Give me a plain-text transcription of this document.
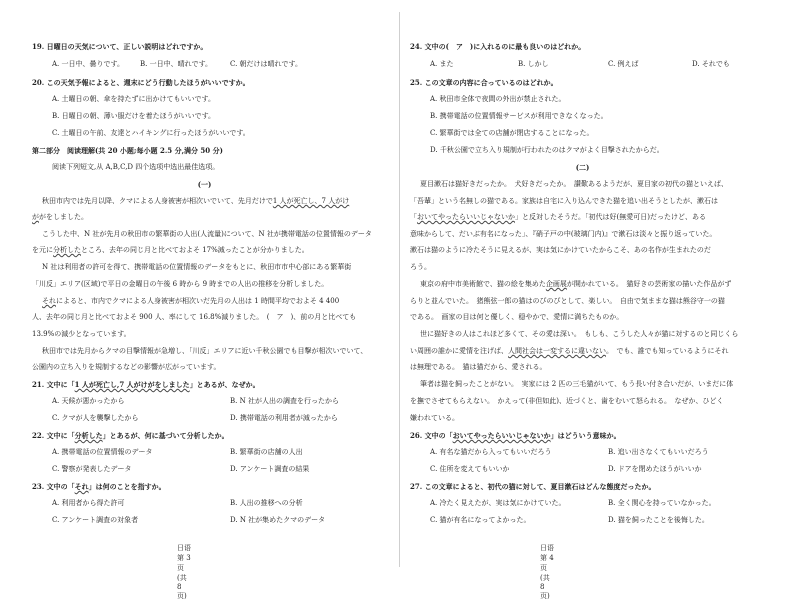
19. 日曜日の天気について、正しい説明はどれですか。
A. 一日中、曇りです。 B. 一日中、晴れです。	C. 朝だけは晴れです。
20. この天気予報によると、週末にどう行動したほうがいいですか。
A. 土曜日の朝、傘を持たずに出かけてもいいです。
B. 日曜日の朝、薄い服だけを着たほうがいいです。
C. 土曜日の午前、友達とハイキングに行ったほうがいいです。
第二部分　阅读理解(共 20 小题;每小题 2.5 分,满分 50 分)
阅读下列短文,从 A,B,C,D 四个选项中选出最佳选项。
(一)
秋田市内では先月以降、クマによる人身被害が相次いでいて、先月だけで1 人が死亡し、7 人がけ
ががをしました。
こうした中、N 社が先月の秋田市の繁華街の人出(人流量)について、N 社が携帯電話の位置情報のデータ
を元に分析したところ、去年の同じ月と比べておよそ 17%減ったことが分かりました。
N 社は利用者の許可を得て、携帯電話の位置情報のデータをもとに、秋田市市中心部にある繁華街
「川反」エリア(区域)で平日の金曜日の午後 6 時から 9 時までの人出の推移を分析しました。
それによると、市内でクマによる人身被害が相次いだ先月の人出は 1 時間平均でおよそ 4 400
人、去年の同じ月と比べておよそ 900 人、率にして 16.8%減りました。　(　ア　)、前の月と比べても
13.9%の減少となっています。
秋田市では先月からクマの目撃情報が急増し、「川反」エリアに近い千秋公園でも目撃が相次いでいて、
公園内の立ち入りを規制するなどの影響が広がっています。
21. 文中に「1 人が死亡し,7 人がけがをしました」とあるが、なぜか。
A. 天候が悪かったから	B. N 社が人出の調査を行ったから
C. クマが人を襲撃したから	D. 携帯電話の利用者が減ったから
22. 文中に「分析した」とあるが、何に基づいて分析したか。
A. 携帯電話の位置情報のデータ	B. 繁華街の店舗の人出
C. 警察が発表したデータ	D. アンケート調査の結果
23. 文中の「それ」は何のことを指すか。
A. 利用者から得た許可	B. 人出の推移への分析
C. アンケート調査の対象者	D. N 社が集めたクマのデータ
日语　第 3 页(共 8 页)
24. 文中の(　ア　)に入れるのに最も良いのはどれか。
A. また	B. しかし	C. 例えば	D. それでも
25. この文章の内容に合っているのはどれか。
A. 秋田市全体で夜間の外出が禁止された。
B. 携帯電話の位置情報サービスが利用できなくなった。
C. 繁華街では全ての店舗が閉店することになった。
D. 千秋公園で立ち入り規制が行われたのはクマがよく目撃されたからだ。
(二)
夏目漱石は猫好きだったか。　犬好きだったか。　讃歎あるようだが、夏目家の初代の猫といえば、
「吾輩」という名無しの猫である。家族は自宅に入り込んできた猫を追い出そうとしたが、漱石は
「おいてやったらいいじゃないか」と反対したそうだ。「初代は好(無愛可日)だったけど、ある
意味からして、だいぶ有名になった」、『硝子戸の中(玻璃门内)』で漱石は淡々と振り返っていた。
漱石は猫のように冷たそうに見えるが、実は気にかけていたからこそ、あの名作が生まれたのだ
ろう。
東京の府中市美術館で、猫の絵を集めた企画展が開かれている。　猫好きの芸術家の描いた作品がず
らりと並んでいた。　猪熊弦一郎の猫はのびのびとして、楽しい。　自由で気ままな猫は熊谷守一の猫
である。　画家の目は何と優しく、穏やかで、愛情に満ちたものか。
世に猫好きの人はこれほど多くて、その愛は深い。　もしも、こうした人々が猫に対するのと同じくら
い周囲の誰かに愛情を注げば、人間社会は一変するに違いない。　でも、誰でも知っているようにそれ
は無理である。　猫は猫だから、愛される。
筆者は猫を飼ったことがない。　実家には 2 匹の三毛猫がいて、もう長い付き合いだが、いまだに体
を撫でさせてもらえない。　かえって(非但如此)、近づくと、歯をむいて怒られる。　なぜか、ひどく
嫌われている。
26. 文中の「おいてやったらいいじゃないか」はどういう意味か。
A. 有名な猫だから入ってもいいだろう	B. 追い出さなくてもいいだろう
C. 住所を変えてもいいか	D. ドアを閉めたほうがいいか
27. この文章によると、初代の猫に対して、夏目漱石はどんな態度だったか。
A. 冷たく見えたが、実は気にかけていた。	B. 全く関心を持っていなかった。
C. 猫が有名になってよかった。	D. 猫を飼ったことを後悔した。
日语　第 4 页(共 8 页)
